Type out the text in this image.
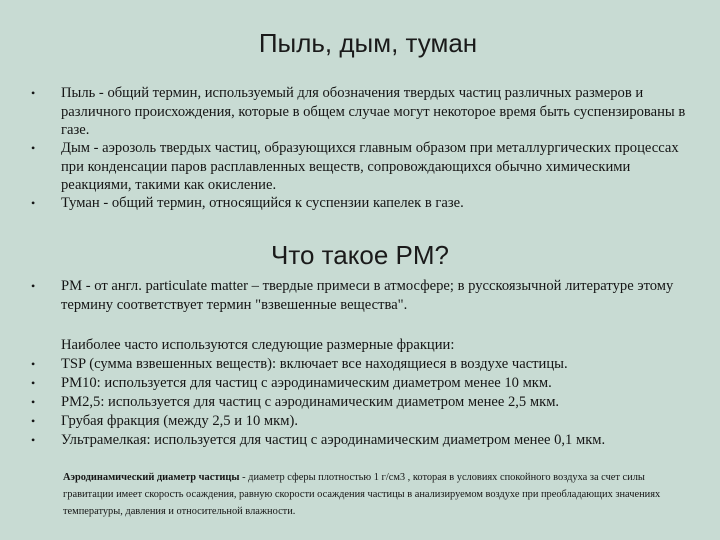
Пыль, дым, туман
• Пыль - общий термин, используемый для обозначения твердых частиц различных размеров и различного происхождения, которые в общем случае могут некоторое время быть суспензированы в газе.
• Дым - аэрозоль твердых частиц, образующихся главным образом при металлургических процессах при конденсации паров расплавленных веществ, сопровождающихся обычно химическими реакциями, такими как окисление.
• Туман - общий термин, относящийся к суспензии капелек в газе.
Что такое PM?
• PM - от англ. particulate matter – твердые примеси в атмосфере; в русскоязычной литературе этому термину соответствует термин "взвешенные вещества".
Наиболее часто используются следующие размерные фракции:
• TSP (сумма взвешенных веществ): включает все находящиеся в воздухе частицы.
• PM10: используется для частиц с аэродинамическим диаметром менее 10 мкм.
• PM2,5: используется для частиц с аэродинамическим диаметром менее 2,5 мкм.
• Грубая фракция (между 2,5 и 10 мкм).
• Ультрамелкая: используется для частиц с аэродинамическим диаметром менее 0,1 мкм.
Аэродинамический диаметр частицы - диаметр сферы плотностью 1 г/см3 , которая в условиях спокойного воздуха за счет силы гравитации имеет скорость осаждения, равную скорости осаждения частицы в анализируемом воздухе при преобладающих значениях температуры, давления и относительной влажности.
